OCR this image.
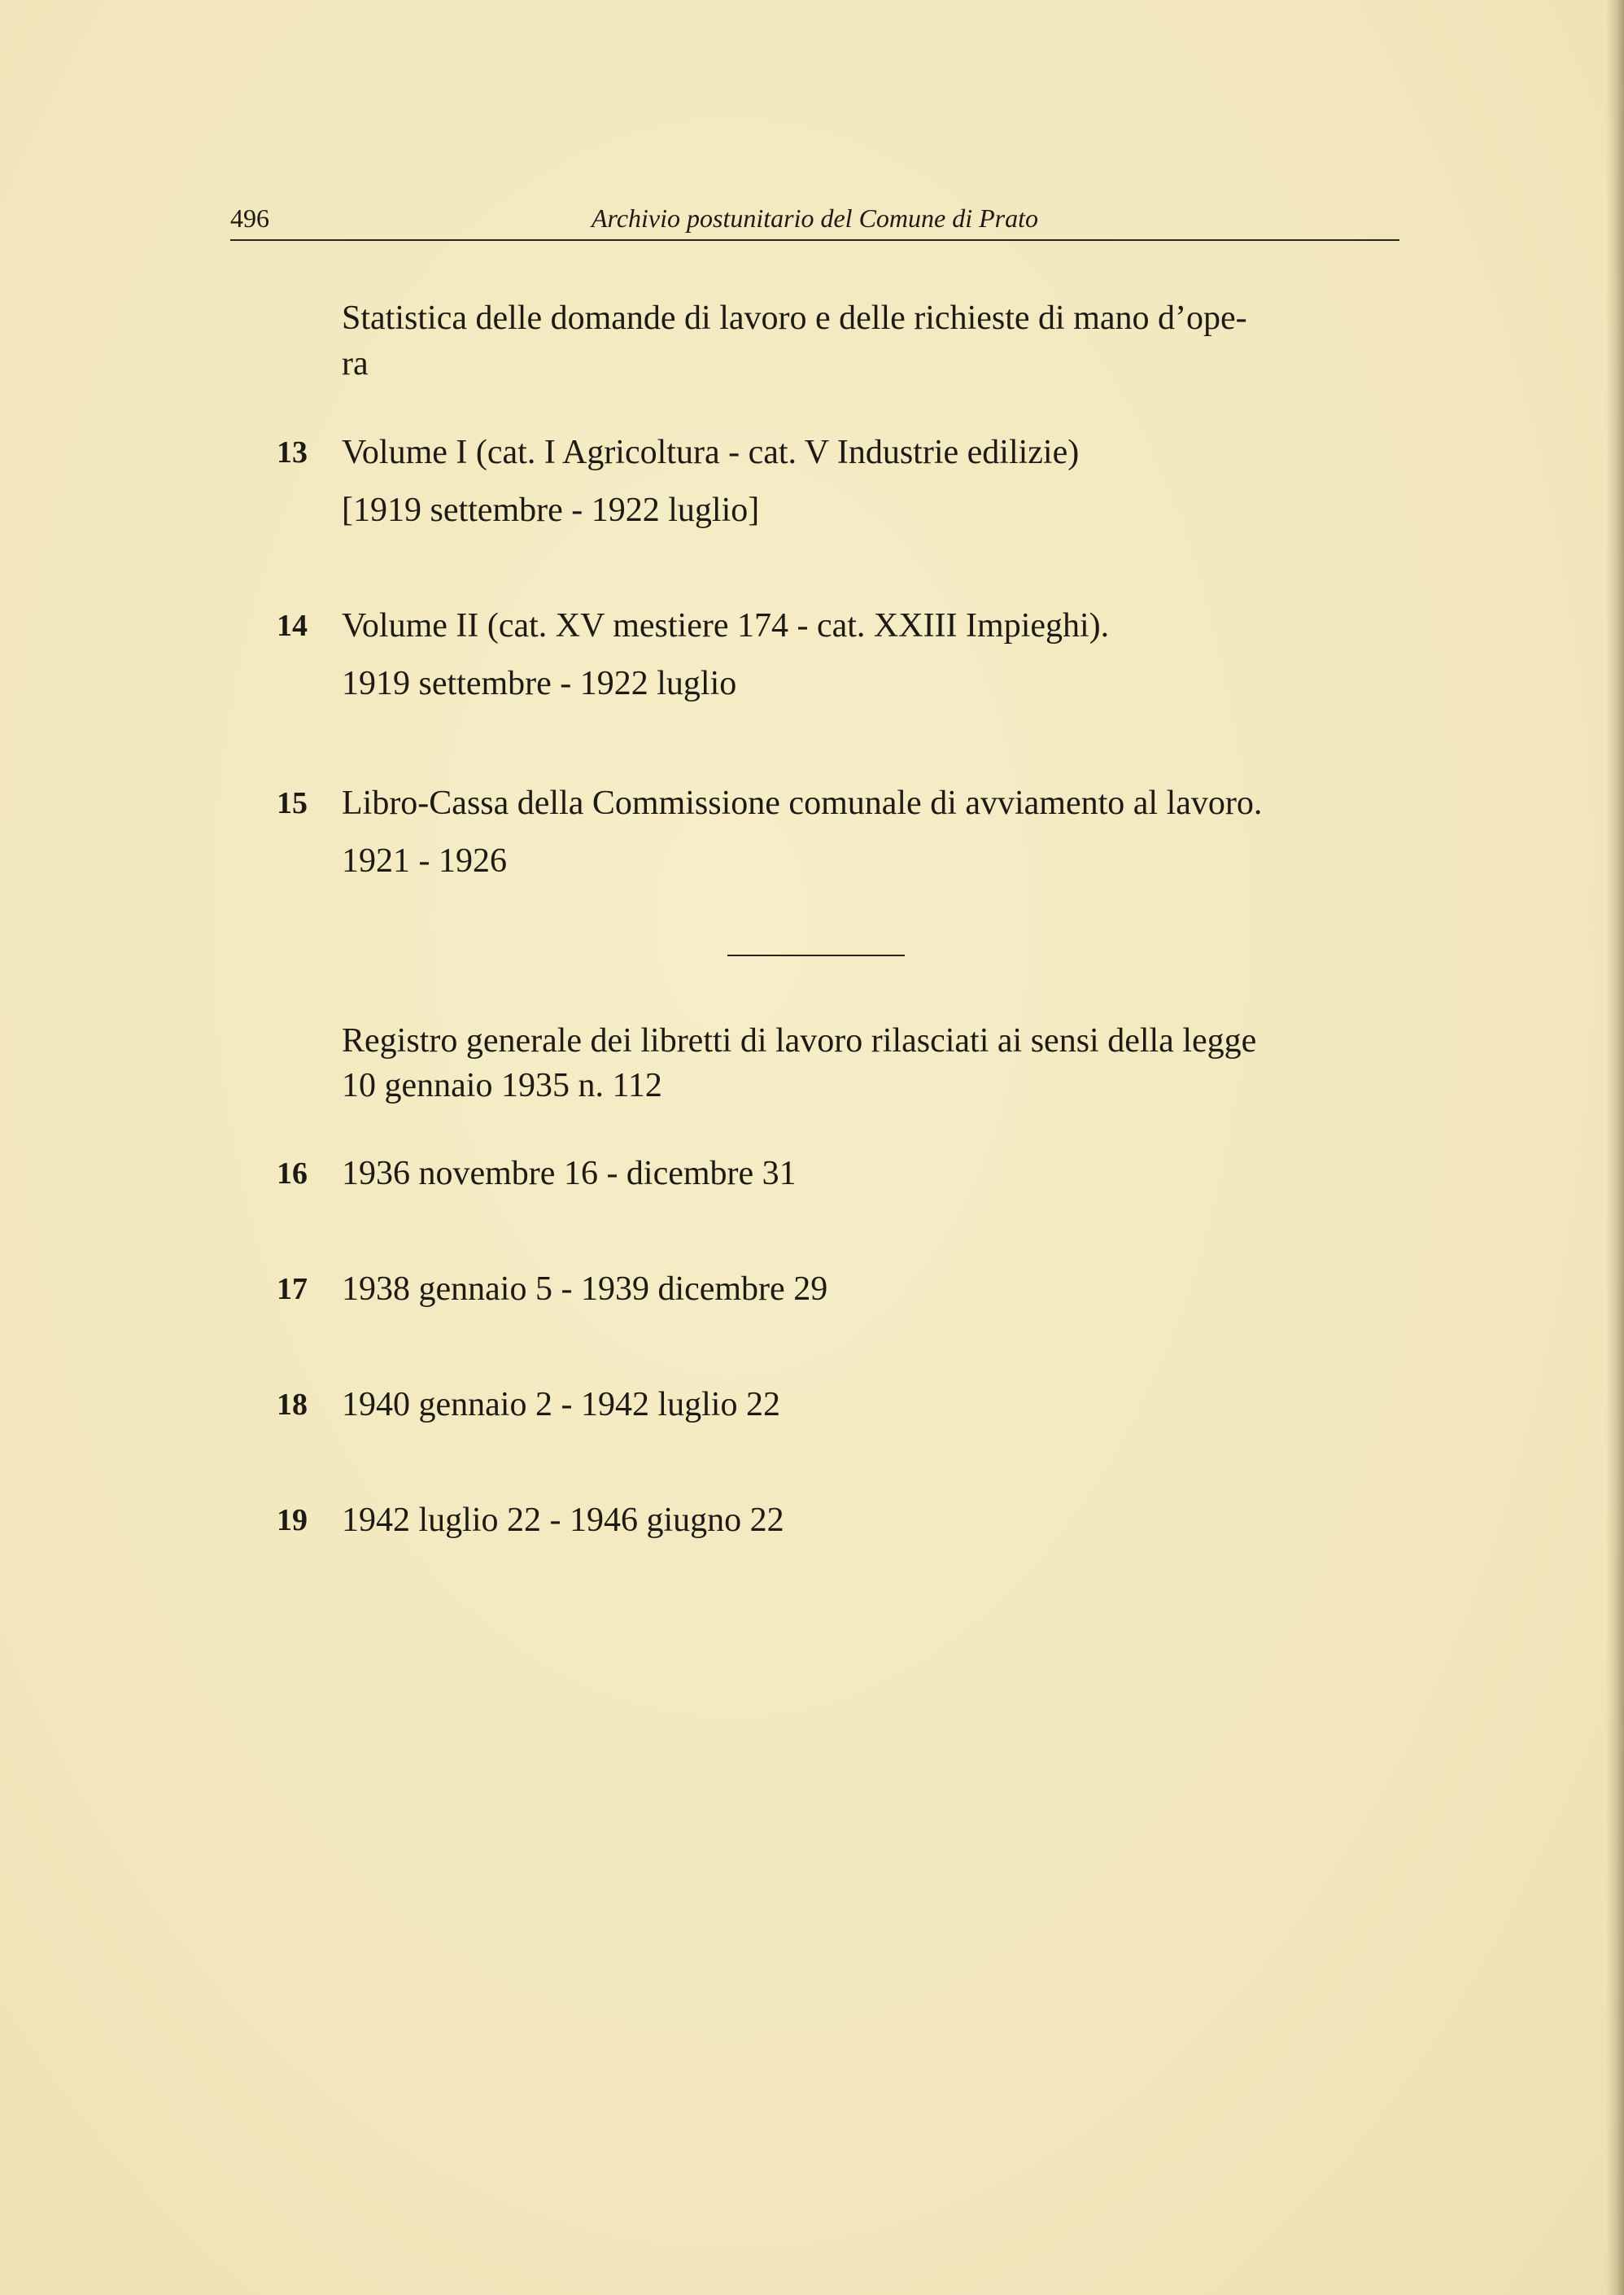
496	Archivio postunitario del Comune di Prato

Statistica delle domande di lavoro e delle richieste di mano d’ope-

ra

13 Volume I (cat. I Agricoltura - cat. V Industrie edilizie)

[1919 settembre - 1922 luglio]

14 Volume II (cat. XV mestiere 174 - cat. XXIII Impieghi).

1919 settembre - 1922 luglio

15 Libro-Cassa della Commissione comunale di avviamento al lavoro.

1921 - 1926

Registro generale dei libretti di lavoro rilasciati ai sensi della legge

10 gennaio 1935 n. 112

16 1936 novembre 16 - dicembre 31

17 1938 gennaio 5 - 1939 dicembre 29

18 1940 gennaio 2 - 1942 luglio 22

19 1942 luglio 22 - 1946 giugno 22
